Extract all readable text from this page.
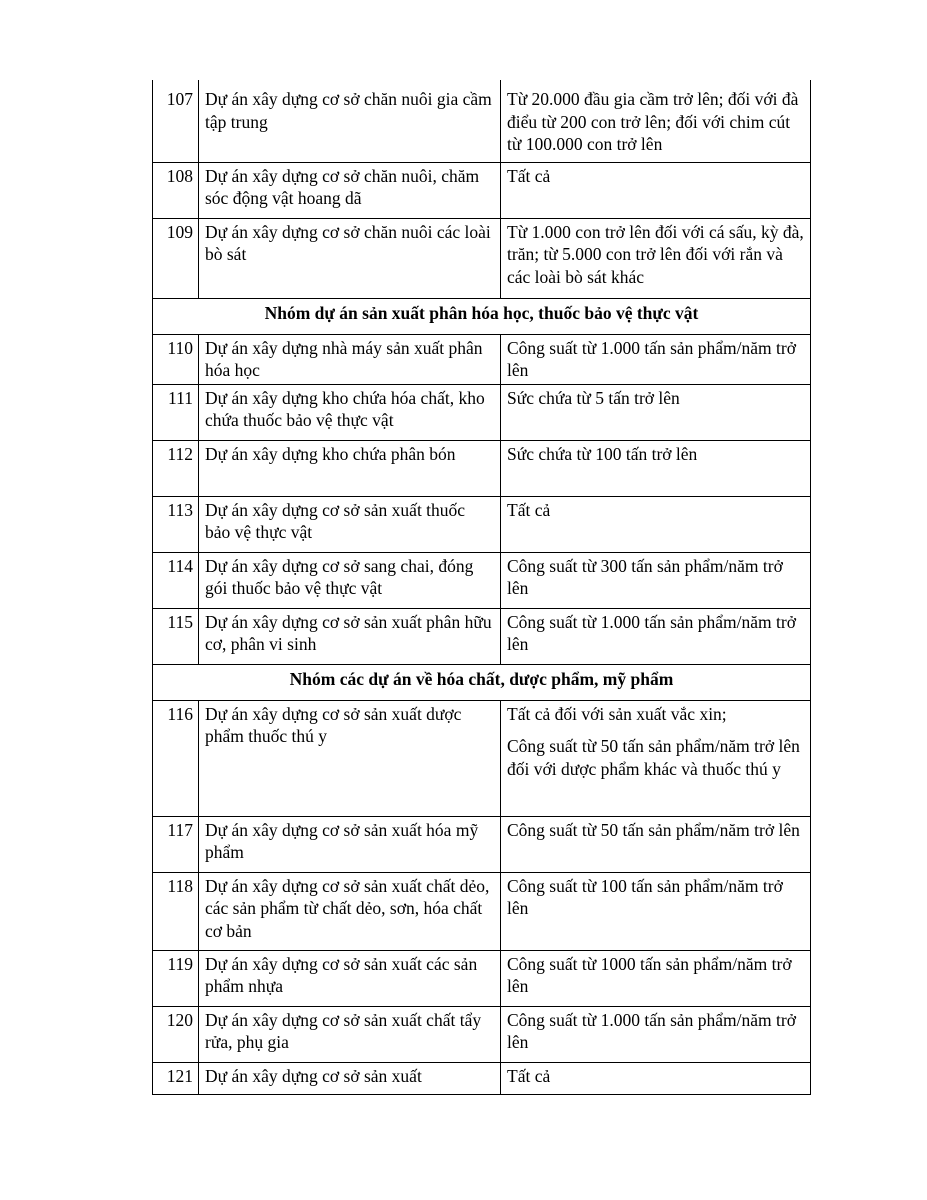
107	Dự án xây dựng cơ sở chăn nuôi gia cầm tập trung	Từ 20.000 đầu gia cầm trở lên; đối với đà điểu từ 200 con trở lên; đối với chim cút từ 100.000 con trở lên

108	Dự án xây dựng cơ sở chăn nuôi, chăm sóc động vật hoang dã	Tất cả

109	Dự án xây dựng cơ sở chăn nuôi các loài bò sát	Từ 1.000 con trở lên đối với cá sấu, kỳ đà, trăn; từ 5.000 con trở lên đối với rắn và các loài bò sát khác

Nhóm dự án sản xuất phân hóa học, thuốc bảo vệ thực vật		
110	Dự án xây dựng nhà máy sản xuất phân hóa học	Công suất từ 1.000 tấn sản phẩm/năm trở lên

111	Dự án xây dựng kho chứa hóa chất, kho chứa thuốc bảo vệ thực vật	Sức chứa từ 5 tấn trở lên

112	Dự án xây dựng kho chứa phân bón	Sức chứa từ 100 tấn trở lên

113	Dự án xây dựng cơ sở sản xuất thuốc bảo vệ thực vật	Tất cả

114	Dự án xây dựng cơ sở sang chai, đóng gói thuốc bảo vệ thực vật	Công suất từ 300 tấn sản phẩm/năm trở lên

115	Dự án xây dựng cơ sở sản xuất phân hữu cơ, phân vi sinh	Công suất từ 1.000 tấn sản phẩm/năm trở lên

Nhóm các dự án về hóa chất, dược phẩm, mỹ phẩm		
116	Dự án xây dựng cơ sở sản xuất dược phẩm thuốc thú y	Tất cả đối với sản xuất vắc xin;
Công suất từ 50 tấn sản phẩm/năm trở lên đối với dược phẩm khác và thuốc thú y

117	Dự án xây dựng cơ sở sản xuất hóa mỹ phẩm	Công suất từ 50 tấn sản phẩm/năm trở lên

118	Dự án xây dựng cơ sở sản xuất chất dẻo, các sản phẩm từ chất dẻo, sơn, hóa chất cơ bản	Công suất từ 100 tấn sản phẩm/năm trở lên

119	Dự án xây dựng cơ sở sản xuất các sản phẩm nhựa	Công suất từ 1000 tấn sản phẩm/năm trở lên

120	Dự án xây dựng cơ sở sản xuất chất tẩy rửa, phụ gia	Công suất từ 1.000 tấn sản phẩm/năm trở lên

121	Dự án xây dựng cơ sở sản xuất	Tất cả
